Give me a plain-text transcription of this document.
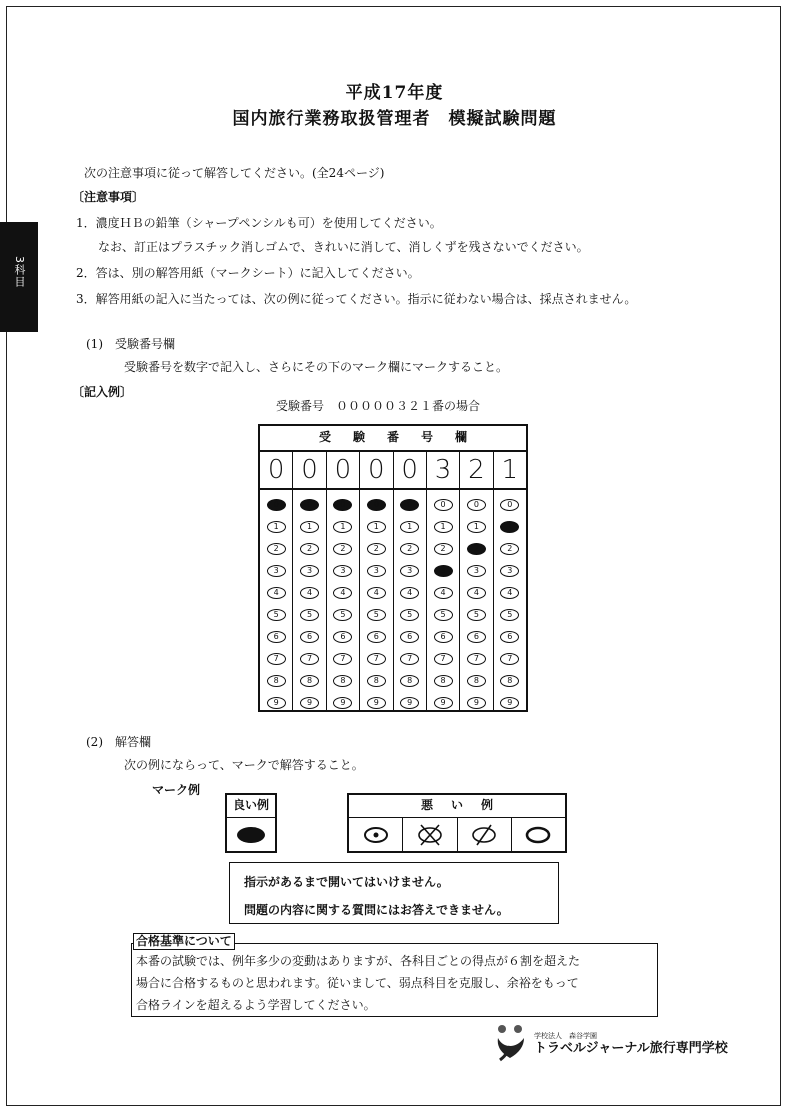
3科目
平成17年度
国内旅行業務取扱管理者　模擬試験問題
次の注意事項に従って解答してください。(全24ページ)
〔注意事項〕
1．濃度ＨＢの鉛筆（シャープペンシルも可）を使用してください。
なお、訂正はプラスチック消しゴムで、きれいに消して、消しくずを残さないでください。
2．答は、別の解答用紙（マークシート）に記入してください。
3．解答用紙の記入に当たっては、次の例に従ってください。指示に従わない場合は、採点されません。
(1)　受験番号欄
受験番号を数字で記入し、さらにその下のマーク欄にマークすること。
〔記入例〕
受験番号　０００００３２１番の場合
受験番号欄
0 0 0 0 0 3 2 1
0
1
2
3
4
5
6
7
8
9
0
1
2
3
4
5
6
7
8
9
0
1
2
3
4
5
6
7
8
9
0
1
2
3
4
5
6
7
8
9
0
1
2
3
4
5
6
7
8
9
0
1
2
3
4
5
6
7
8
9
0
1
2
3
4
5
6
7
8
9
0
1
2
3
4
5
6
7
8
9
(2)　解答欄
次の例にならって、マークで解答すること。
マーク例
良い例	悪い例
指示があるまで開いてはいけません。
問題の内容に関する質問にはお答えできません。
本番の試験では、例年多少の変動はありますが、各科目ごとの得点が６割を超えた
場合に合格するものと思われます。従いまして、弱点科目を克服し、余裕をもって
合格ラインを超えるよう学習してください。
合格基準について
学校法人　森谷学園
トラベルジャーナル旅行専門学校
